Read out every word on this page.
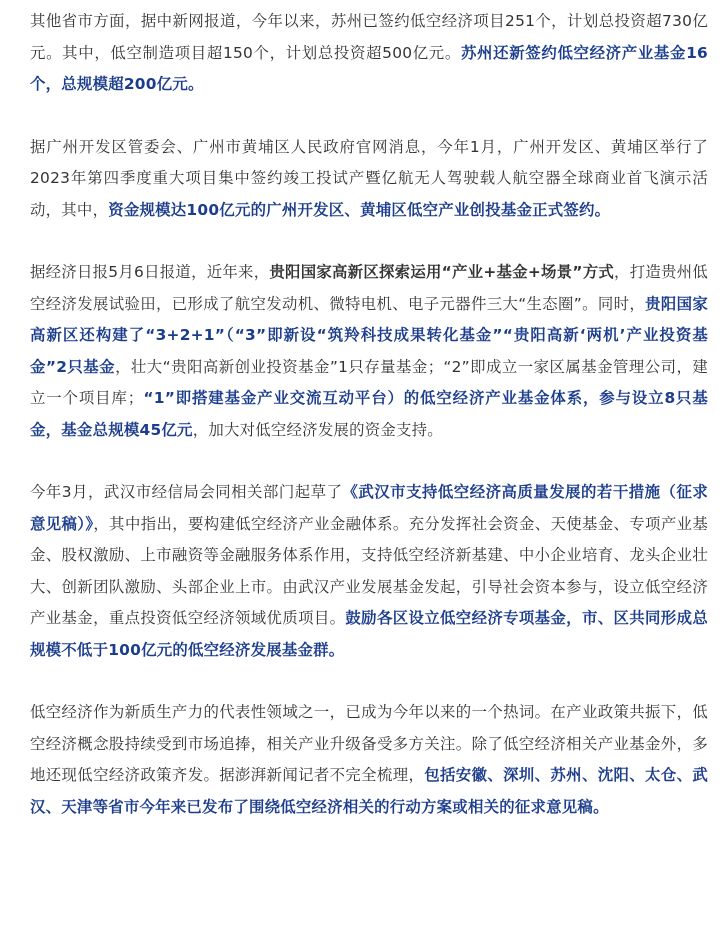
其他省市方面，据中新网报道，今年以来，苏州已签约低空经济项目251个，计划总投资超730亿元。其中，低空制造项目超150个，计划总投资超500亿元。苏州还新签约低空经济产业基金16个，总规模超200亿元。

据广州开发区管委会、广州市黄埔区人民政府官网消息，今年1月，广州开发区、黄埔区举行了2023年第四季度重大项目集中签约竣工投试产暨亿航无人驾驶载人航空器全球商业首飞演示活动，其中，资金规模达100亿元的广州开发区、黄埔区低空产业创投基金正式签约。

据经济日报5月6日报道，近年来，贵阳国家高新区探索运用“产业+基金+场景”方式，打造贵州低空经济发展试验田，已形成了航空发动机、微特电机、电子元器件三大“生态圈”。同时，贵阳国家高新区还构建了“3+2+1”（“3”即新设“筑羚科技成果转化基金”“贵阳高新‘两机’产业投资基金”2只基金，壮大“贵阳高新创业投资基金”1只存量基金；“2”即成立一家区属基金管理公司，建立一个项目库；“1”即搭建基金产业交流互动平台）的低空经济产业基金体系，参与设立8只基金，基金总规模45亿元，加大对低空经济发展的资金支持。

今年3月，武汉市经信局会同相关部门起草了《武汉市支持低空经济高质量发展的若干措施（征求意见稿）》，其中指出，要构建低空经济产业金融体系。充分发挥社会资金、天使基金、专项产业基金、股权激励、上市融资等金融服务体系作用，支持低空经济新基建、中小企业培育、龙头企业壮大、创新团队激励、头部企业上市。由武汉产业发展基金发起，引导社会资本参与，设立低空经济产业基金，重点投资低空经济领域优质项目。鼓励各区设立低空经济专项基金，市、区共同形成总规模不低于100亿元的低空经济发展基金群。

低空经济作为新质生产力的代表性领域之一，已成为今年以来的一个热词。在产业政策共振下，低空经济概念股持续受到市场追捧，相关产业升级备受多方关注。除了低空经济相关产业基金外，多地还现低空经济政策齐发。据澎湃新闻记者不完全梳理，包括安徽、深圳、苏州、沈阳、太仓、武汉、天津等省市今年来已发布了围绕低空经济相关的行动方案或相关的征求意见稿。
